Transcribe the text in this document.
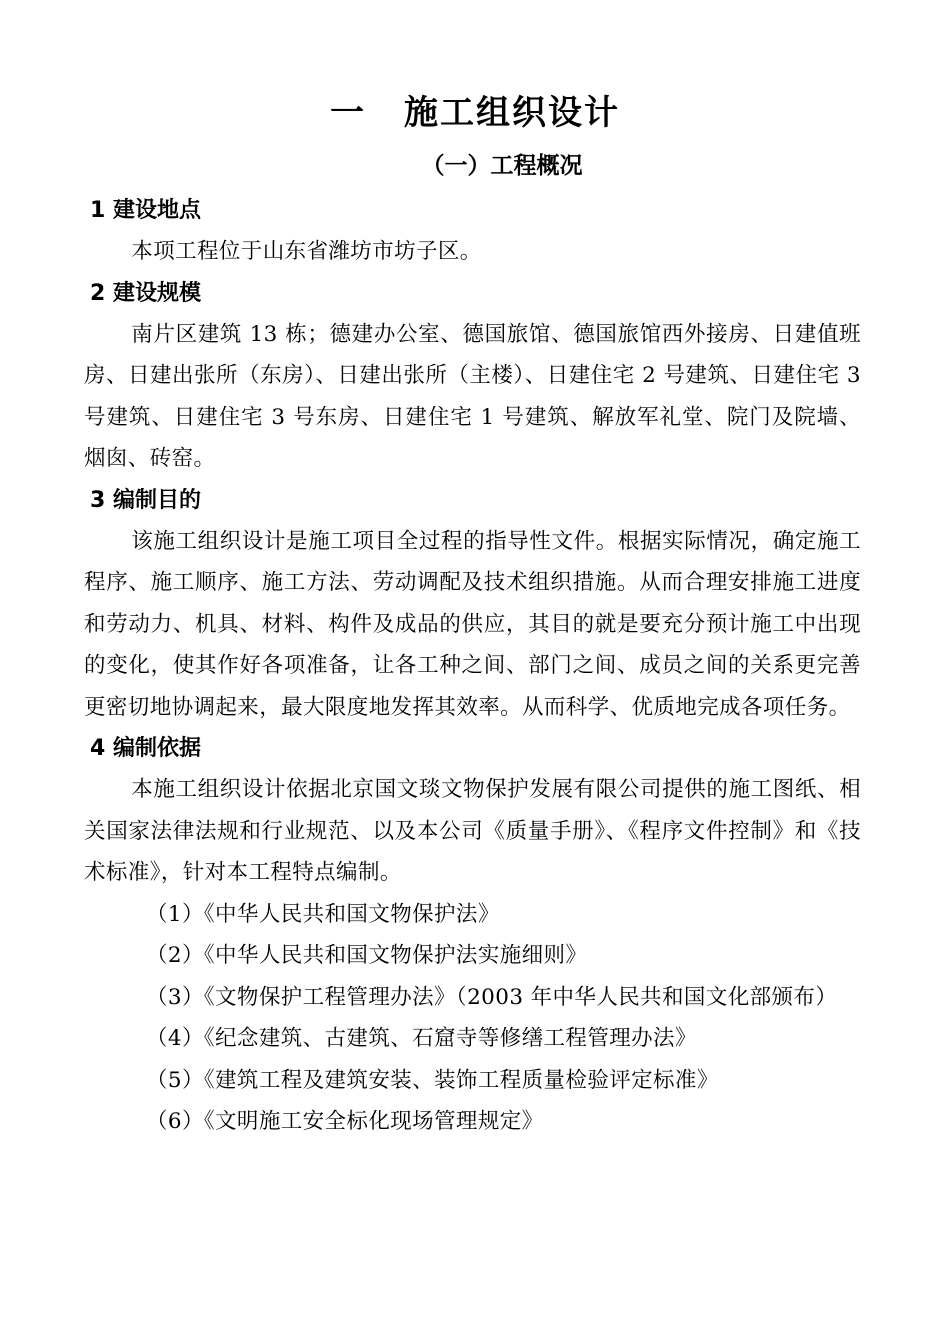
一 施工组织设计
（一）工程概况

1 建设地点

本项工程位于山东省潍坊市坊子区。

2 建设规模

南片区建筑 13 栋；德建办公室、德国旅馆、德国旅馆西外接房、日建值班房、日建出张所（东房）、日建出张所（主楼）、日建住宅 2 号建筑、日建住宅 3 号建筑、日建住宅 3 号东房、日建住宅 1 号建筑、解放军礼堂、院门及院墙、烟囱、砖窑。

3 编制目的

该施工组织设计是施工项目全过程的指导性文件。根据实际情况，确定施工程序、施工顺序、施工方法、劳动调配及技术组织措施。从而合理安排施工进度和劳动力、机具、材料、构件及成品的供应，其目的就是要充分预计施工中出现的变化，使其作好各项准备，让各工种之间、部门之间、成员之间的关系更完善更密切地协调起来，最大限度地发挥其效率。从而科学、优质地完成各项任务。

4 编制依据

本施工组织设计依据北京国文琰文物保护发展有限公司提供的施工图纸、相关国家法律法规和行业规范、以及本公司《质量手册》、《程序文件控制》和《技术标准》，针对本工程特点编制。

（1）《中华人民共和国文物保护法》

（2）《中华人民共和国文物保护法实施细则》

（3）《文物保护工程管理办法》（2003 年中华人民共和国文化部颁布）

（4）《纪念建筑、古建筑、石窟寺等修缮工程管理办法》

（5）《建筑工程及建筑安装、装饰工程质量检验评定标准》

（6）《文明施工安全标化现场管理规定》
